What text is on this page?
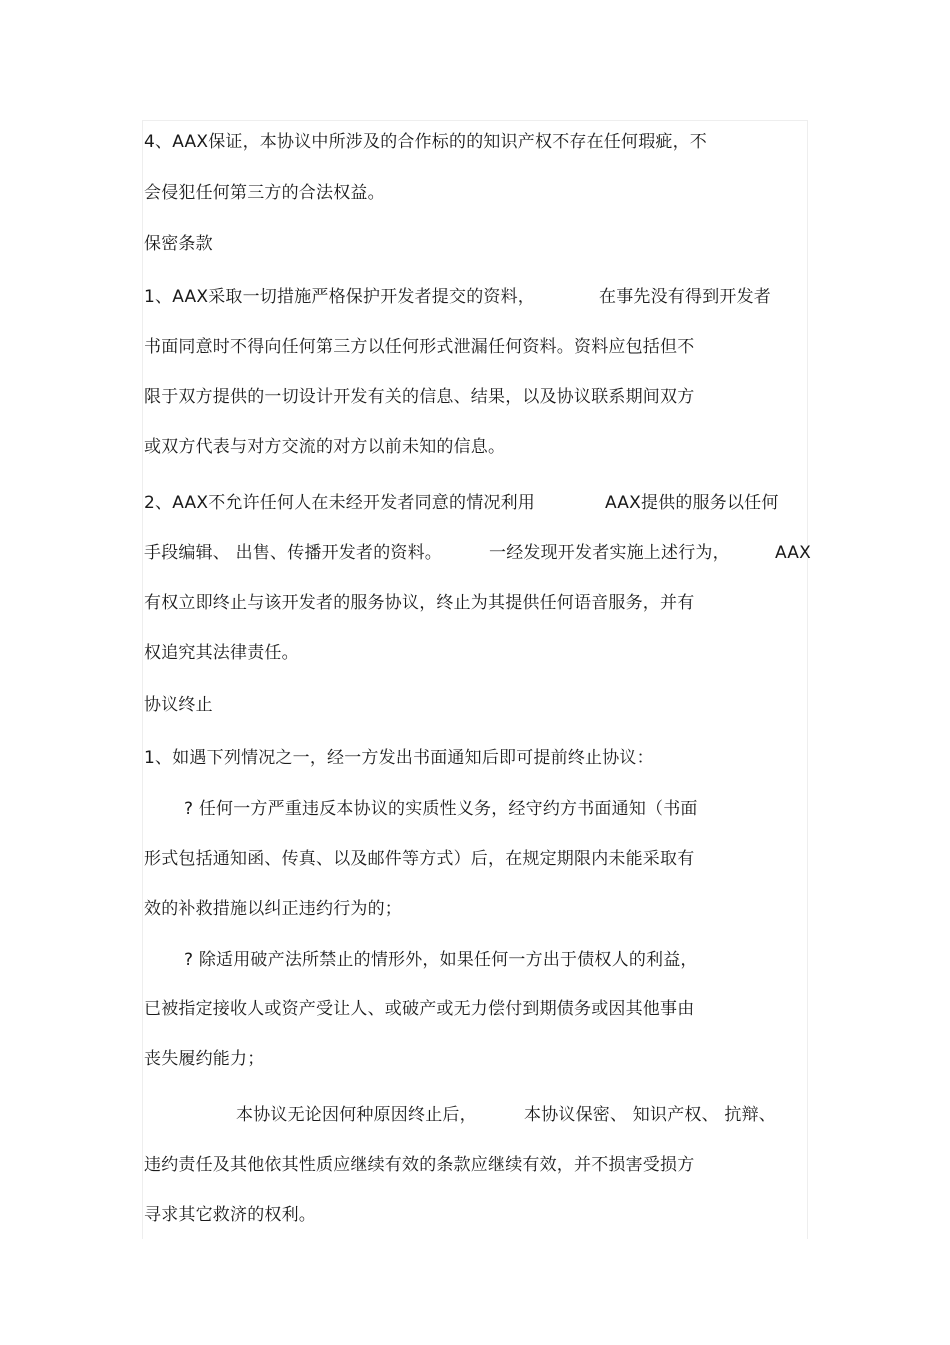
4、AAX保证，本协议中所涉及的合作标的的知识产权不存在任何瑕疵，不
会侵犯任何第三方的合法权益。
保密条款
1、AAX采取一切措施严格保护开发者提交的资料，	在事先没有得到开发者
书面同意时不得向任何第三方以任何形式泄漏任何资料。资料应包括但不
限于双方提供的一切设计开发有关的信息、结果，以及协议联系期间双方
或双方代表与对方交流的对方以前未知的信息。
2、AAX不允许任何人在未经开发者同意的情况利用	AAX提供的服务以任何
手段编辑、 出售、传播开发者的资料。	一经发现开发者实施上述行为，	AAX
有权立即终止与该开发者的服务协议，终止为其提供任何语音服务，并有
权追究其法律责任。
协议终止
1、如遇下列情况之一，经一方发出书面通知后即可提前终止协议：
? 任何一方严重违反本协议的实质性义务，经守约方书面通知（书面
形式包括通知函、传真、以及邮件等方式）后，在规定期限内未能采取有
效的补救措施以纠正违约行为的；
? 除适用破产法所禁止的情形外，如果任何一方出于债权人的利益，
已被指定接收人或资产受让人、或破产或无力偿付到期债务或因其他事由
丧失履约能力；
本协议无论因何种原因终止后，	本协议保密、 知识产权、 抗辩、
违约责任及其他依其性质应继续有效的条款应继续有效，并不损害受损方
寻求其它救济的权利。
